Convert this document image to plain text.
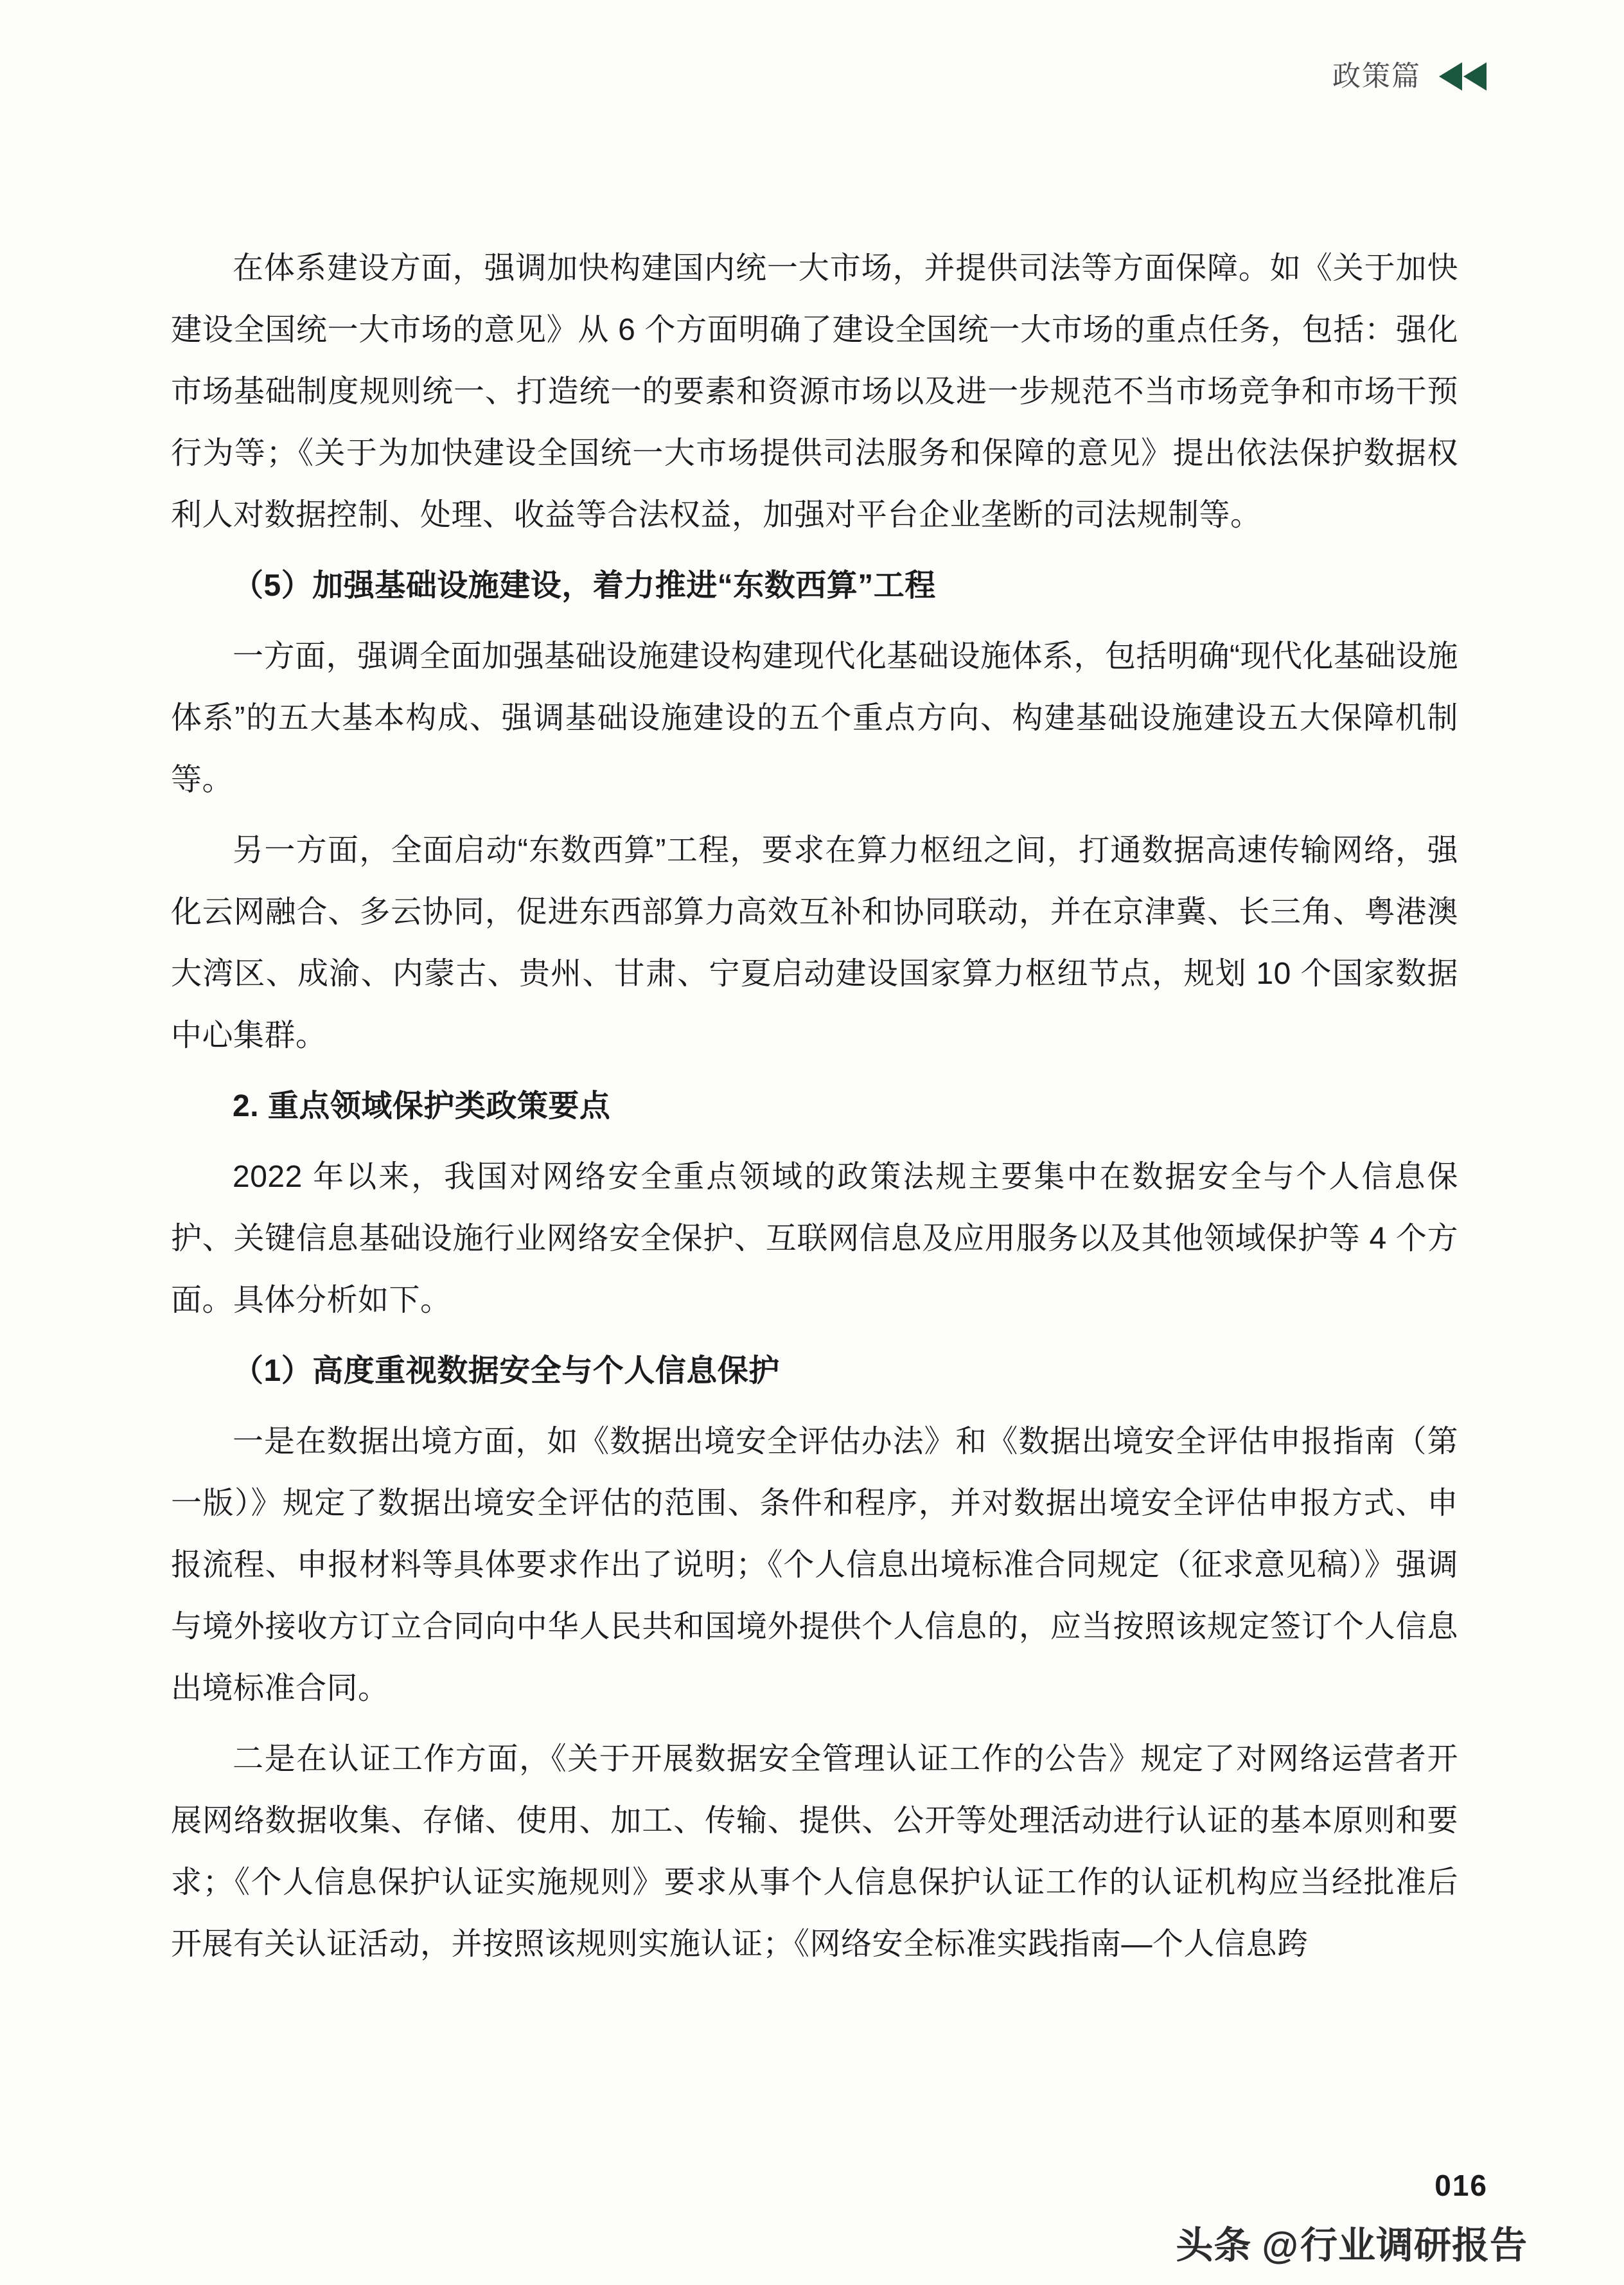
政策篇

在体系建设方面，强调加快构建国内统一大市场，并提供司法等方面保障。如《关于加快建设全国统一大市场的意见》从 6 个方面明确了建设全国统一大市场的重点任务，包括：强化市场基础制度规则统一、打造统一的要素和资源市场以及进一步规范不当市场竞争和市场干预行为等；《关于为加快建设全国统一大市场提供司法服务和保障的意见》提出依法保护数据权利人对数据控制、处理、收益等合法权益，加强对平台企业垄断的司法规制等。

（5）加强基础设施建设，着力推进“东数西算”工程

一方面，强调全面加强基础设施建设构建现代化基础设施体系，包括明确“现代化基础设施体系”的五大基本构成、强调基础设施建设的五个重点方向、构建基础设施建设五大保障机制等。

另一方面，全面启动“东数西算”工程，要求在算力枢纽之间，打通数据高速传输网络，强化云网融合、多云协同，促进东西部算力高效互补和协同联动，并在京津冀、长三角、粤港澳大湾区、成渝、内蒙古、贵州、甘肃、宁夏启动建设国家算力枢纽节点，规划 10 个国家数据中心集群。

2. 重点领域保护类政策要点

2022 年以来，我国对网络安全重点领域的政策法规主要集中在数据安全与个人信息保护、关键信息基础设施行业网络安全保护、互联网信息及应用服务以及其他领域保护等 4 个方面。具体分析如下。

（1）高度重视数据安全与个人信息保护

一是在数据出境方面，如《数据出境安全评估办法》和《数据出境安全评估申报指南（第一版）》规定了数据出境安全评估的范围、条件和程序，并对数据出境安全评估申报方式、申报流程、申报材料等具体要求作出了说明；《个人信息出境标准合同规定（征求意见稿）》强调与境外接收方订立合同向中华人民共和国境外提供个人信息的，应当按照该规定签订个人信息出境标准合同。

二是在认证工作方面，《关于开展数据安全管理认证工作的公告》规定了对网络运营者开展网络数据收集、存储、使用、加工、传输、提供、公开等处理活动进行认证的基本原则和要求；《个人信息保护认证实施规则》要求从事个人信息保护认证工作的认证机构应当经批准后开展有关认证活动，并按照该规则实施认证；《网络安全标准实践指南—个人信息跨

016
头条 @行业调研报告
